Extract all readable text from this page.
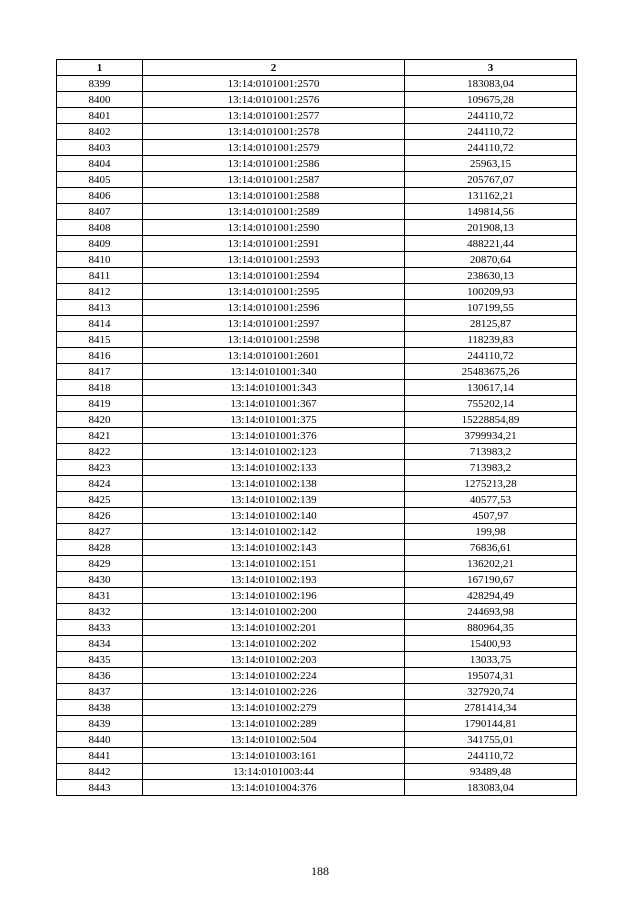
1	2	3
8399	13:14:0101001:2570	183083,04
8400	13:14:0101001:2576	109675,28
8401	13:14:0101001:2577	244110,72
8402	13:14:0101001:2578	244110,72
8403	13:14:0101001:2579	244110,72
8404	13:14:0101001:2586	25963,15
8405	13:14:0101001:2587	205767,07
8406	13:14:0101001:2588	131162,21
8407	13:14:0101001:2589	149814,56
8408	13:14:0101001:2590	201908,13
8409	13:14:0101001:2591	488221,44
8410	13:14:0101001:2593	20870,64
8411	13:14:0101001:2594	238630,13
8412	13:14:0101001:2595	100209,93
8413	13:14:0101001:2596	107199,55
8414	13:14:0101001:2597	28125,87
8415	13:14:0101001:2598	118239,83
8416	13:14:0101001:2601	244110,72
8417	13:14:0101001:340	25483675,26
8418	13:14:0101001:343	130617,14
8419	13:14:0101001:367	755202,14
8420	13:14:0101001:375	15228854,89
8421	13:14:0101001:376	3799934,21
8422	13:14:0101002:123	713983,2
8423	13:14:0101002:133	713983,2
8424	13:14:0101002:138	1275213,28
8425	13:14:0101002:139	40577,53
8426	13:14:0101002:140	4507,97
8427	13:14:0101002:142	199,98
8428	13:14:0101002:143	76836,61
8429	13:14:0101002:151	136202,21
8430	13:14:0101002:193	167190,67
8431	13:14:0101002:196	428294,49
8432	13:14:0101002:200	244693,98
8433	13:14:0101002:201	880964,35
8434	13:14:0101002:202	15400,93
8435	13:14:0101002:203	13033,75
8436	13:14:0101002:224	195074,31
8437	13:14:0101002:226	327920,74
8438	13:14:0101002:279	2781414,34
8439	13:14:0101002:289	1790144,81
8440	13:14:0101002:504	341755,01
8441	13:14:0101003:161	244110,72
8442	13:14:0101003:44	93489,48
8443	13:14:0101004:376	183083,04
188
